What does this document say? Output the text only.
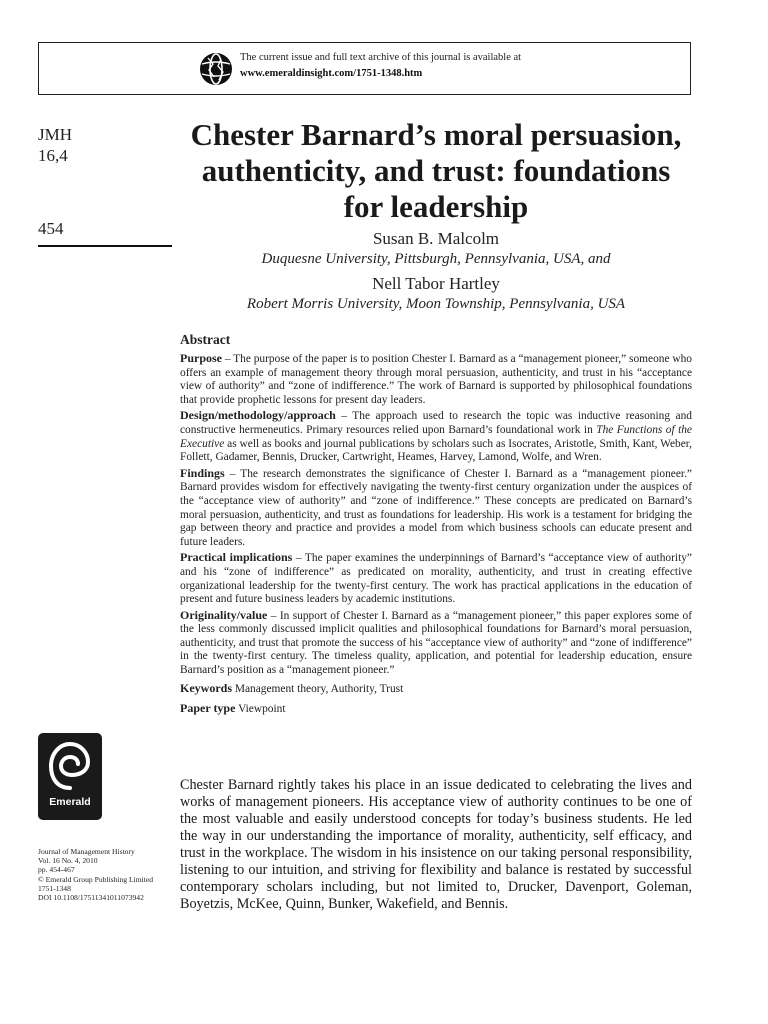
The current issue and full text archive of this journal is available at
www.emeraldinsight.com/1751-1348.htm
JMH
16,4
454
Chester Barnard’s moral persuasion, authenticity, and trust: foundations for leadership
Susan B. Malcolm
Duquesne University, Pittsburgh, Pennsylvania, USA, and
Nell Tabor Hartley
Robert Morris University, Moon Township, Pennsylvania, USA
Abstract

Purpose – The purpose of the paper is to position Chester I. Barnard as a “management pioneer,” someone who offers an example of management theory through moral persuasion, authenticity, and trust in his “acceptance view of authority” and “zone of indifference.” The work of Barnard is supported by philosophical foundations that provide prophetic lessons for present day leaders.

Design/methodology/approach – The approach used to research the topic was inductive reasoning and constructive hermeneutics. Primary resources relied upon Barnard’s foundational work in The Functions of the Executive as well as books and journal publications by scholars such as Isocrates, Aristotle, Smith, Kant, Weber, Follett, Gadamer, Bennis, Drucker, Cartwright, Heames, Harvey, Lamond, Wolfe, and Wren.

Findings – The research demonstrates the significance of Chester I. Barnard as a “management pioneer.” Barnard provides wisdom for effectively navigating the twenty-first century organization under the auspices of the “acceptance view of authority” and “zone of indifference.” These concepts are predicated on Barnard’s moral persuasion, authenticity, and trust as foundations for leadership. His work is a testament for bridging the gap between theory and practice and provides a model from which business schools can educate present and future leaders.

Practical implications – The paper examines the underpinnings of Barnard’s “acceptance view of authority” and his “zone of indifference” as predicated on morality, authenticity, and trust in creating effective organizational leadership for the twenty-first century. The work has practical applications in the education of present and future business leaders by academic institutions.

Originality/value – In support of Chester I. Barnard as a “management pioneer,” this paper explores some of the less commonly discussed implicit qualities and philosophical foundations for Barnard’s moral persuasion, authenticity, and trust that promote the success of his “acceptance view of authority” and “zone of indifference” in the twenty-first century. The timeless quality, application, and potential for leadership education, ensure Barnard’s position as a “management pioneer.”

Keywords Management theory, Authority, Trust

Paper type Viewpoint

Emerald
Journal of Management History
Vol. 16 No. 4, 2010
pp. 454-467
© Emerald Group Publishing Limited
1751-1348
DOI 10.1108/17511341011073942

Chester Barnard rightly takes his place in an issue dedicated to celebrating the lives and works of management pioneers. His acceptance view of authority continues to be one of the most valuable and easily understood concepts for today’s business students. He led the way in our understanding the importance of morality, authenticity, self efficacy, and trust in the workplace. The wisdom in his insistence on our taking personal responsibility, listening to our intuition, and striving for flexibility and balance is restated by successful contemporary scholars including, but not limited to, Drucker, Davenport, Goleman, Boyetzis, McKee, Quinn, Bunker, Wakefield, and Bennis.
